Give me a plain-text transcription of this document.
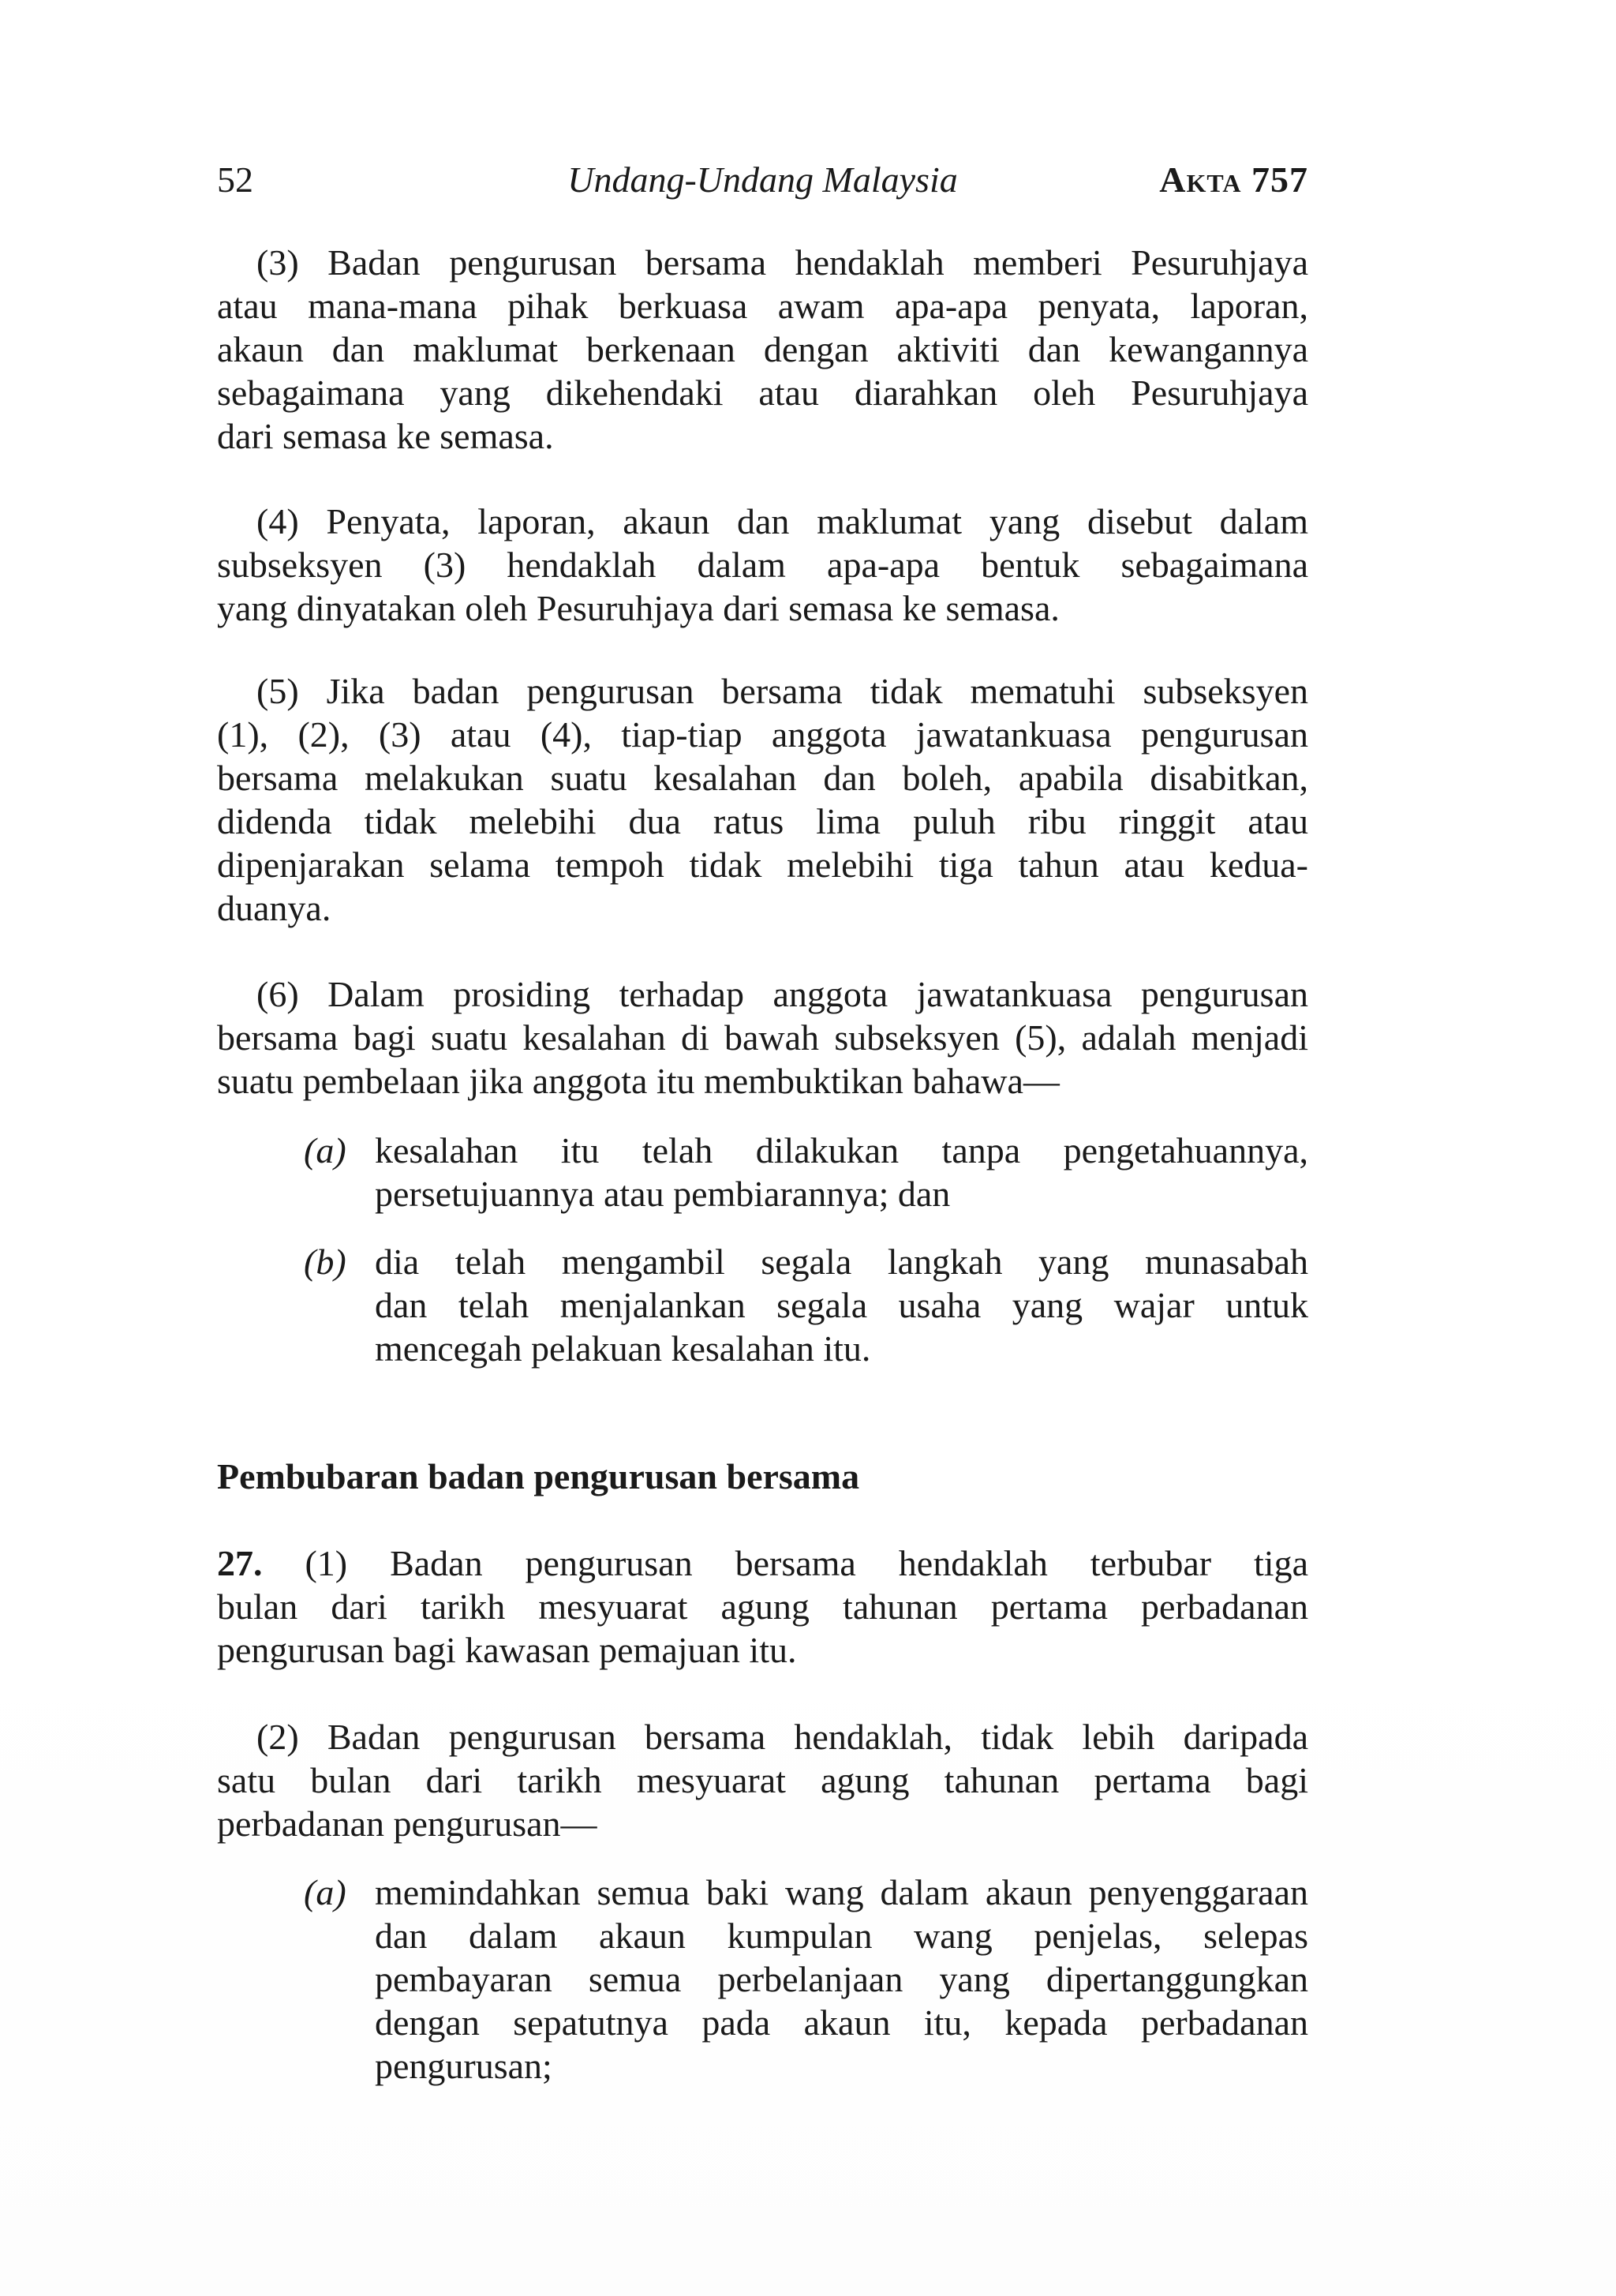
52	Undang-Undang Malaysia	Akta 757
(3) Badan pengurusan bersama hendaklah memberi Pesuruhjaya
atau mana-mana pihak berkuasa awam apa-apa penyata, laporan,
akaun dan maklumat berkenaan dengan aktiviti dan kewangannya
sebagaimana yang dikehendaki atau diarahkan oleh Pesuruhjaya
dari semasa ke semasa.
(4) Penyata, laporan, akaun dan maklumat yang disebut dalam
subseksyen (3) hendaklah dalam apa-apa bentuk sebagaimana
yang dinyatakan oleh Pesuruhjaya dari semasa ke semasa.
(5) Jika badan pengurusan bersama tidak mematuhi subseksyen
(1), (2), (3) atau (4), tiap-tiap anggota jawatankuasa pengurusan
bersama melakukan suatu kesalahan dan boleh, apabila disabitkan,
didenda tidak melebihi dua ratus lima puluh ribu ringgit atau
dipenjarakan selama tempoh tidak melebihi tiga tahun atau kedua-
duanya.
(6) Dalam prosiding terhadap anggota jawatankuasa pengurusan
bersama bagi suatu kesalahan di bawah subseksyen (5), adalah menjadi
suatu pembelaan jika anggota itu membuktikan bahawa—
(a) kesalahan itu telah dilakukan tanpa pengetahuannya,
persetujuannya atau pembiarannya; dan
(b) dia telah mengambil segala langkah yang munasabah
dan telah menjalankan segala usaha yang wajar untuk
mencegah pelakuan kesalahan itu.
Pembubaran badan pengurusan bersama
27. (1) Badan pengurusan bersama hendaklah terbubar tiga
bulan dari tarikh mesyuarat agung tahunan pertama perbadanan
pengurusan bagi kawasan pemajuan itu.
(2) Badan pengurusan bersama hendaklah, tidak lebih daripada
satu bulan dari tarikh mesyuarat agung tahunan pertama bagi
perbadanan pengurusan—
(a) memindahkan semua baki wang dalam akaun penyenggaraan
dan dalam akaun kumpulan wang penjelas, selepas
pembayaran semua perbelanjaan yang dipertanggungkan
dengan sepatutnya pada akaun itu, kepada perbadanan
pengurusan;
